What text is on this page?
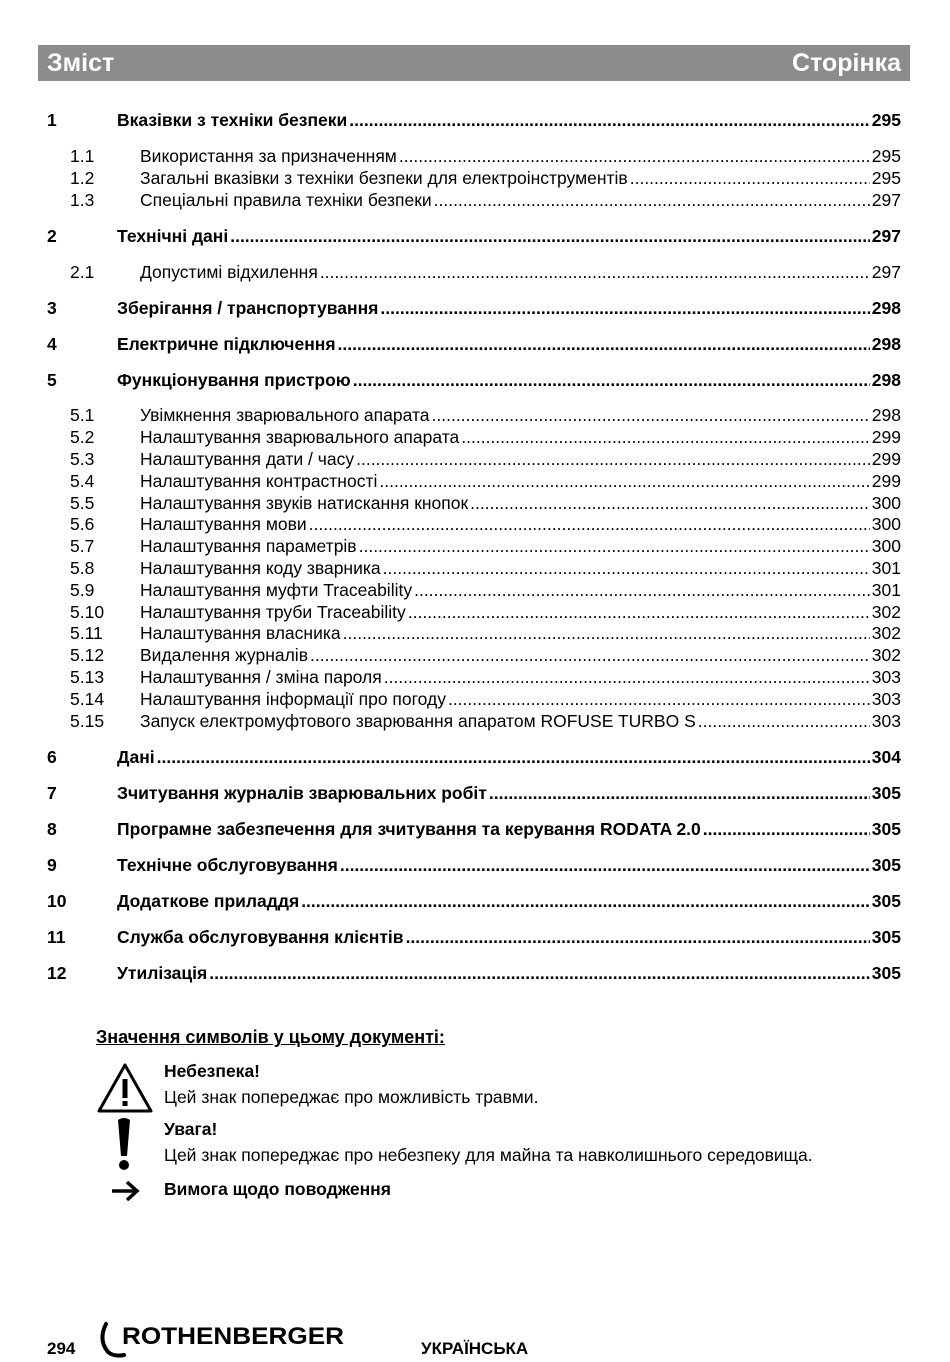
Зміст	Сторінка
1	Вказівки з техніки безпеки .....	295
1.1	Використання за призначенням .....	295
1.2	Загальні вказівки з техніки безпеки для електроінструментів .....	295
1.3	Спеціальні правила техніки безпеки .....	297
2	Технічні дані .....	297
2.1	Допустимі відхилення .....	297
3	Зберігання / транспортування .....	298
4	Електричне підключення .....	298
5	Функціонування пристрою .....	298
5.1	Увімкнення зварювального апарата .....	298
5.2	Налаштування зварювального апарата .....	299
5.3	Налаштування дати / часу .....	299
5.4	Налаштування контрастності .....	299
5.5	Налаштування звуків натискання кнопок .....	300
5.6	Налаштування мови .....	300
5.7	Налаштування параметрів .....	300
5.8	Налаштування коду зварника .....	301
5.9	Налаштування муфти Traceability .....	301
5.10	Налаштування труби Traceability .....	302
5.11	Налаштування власника .....	302
5.12	Видалення журналів .....	302
5.13	Налаштування / зміна пароля .....	303
5.14	Налаштування інформації про погоду .....	303
5.15	Запуск електромуфтового зварювання апаратом ROFUSE TURBO S .....	303
6	Дані .....	304
7	Зчитування журналів зварювальних робіт .....	305
8	Програмне забезпечення для зчитування та керування RODATA 2.0 .....	305
9	Технічне обслуговування .....	305
10	Додаткове приладдя .....	305
11	Служба обслуговування клієнтів .....	305
12	Утилізація .....	305
Значення символів у цьому документі:
Небезпека!
Цей знак попереджає про можливість травми.
Увага!
Цей знак попереджає про небезпеку для майна та навколишнього середовища.
Вимога щодо поводження
294 ROTHENBERGER	УКРАЇНСЬКА
